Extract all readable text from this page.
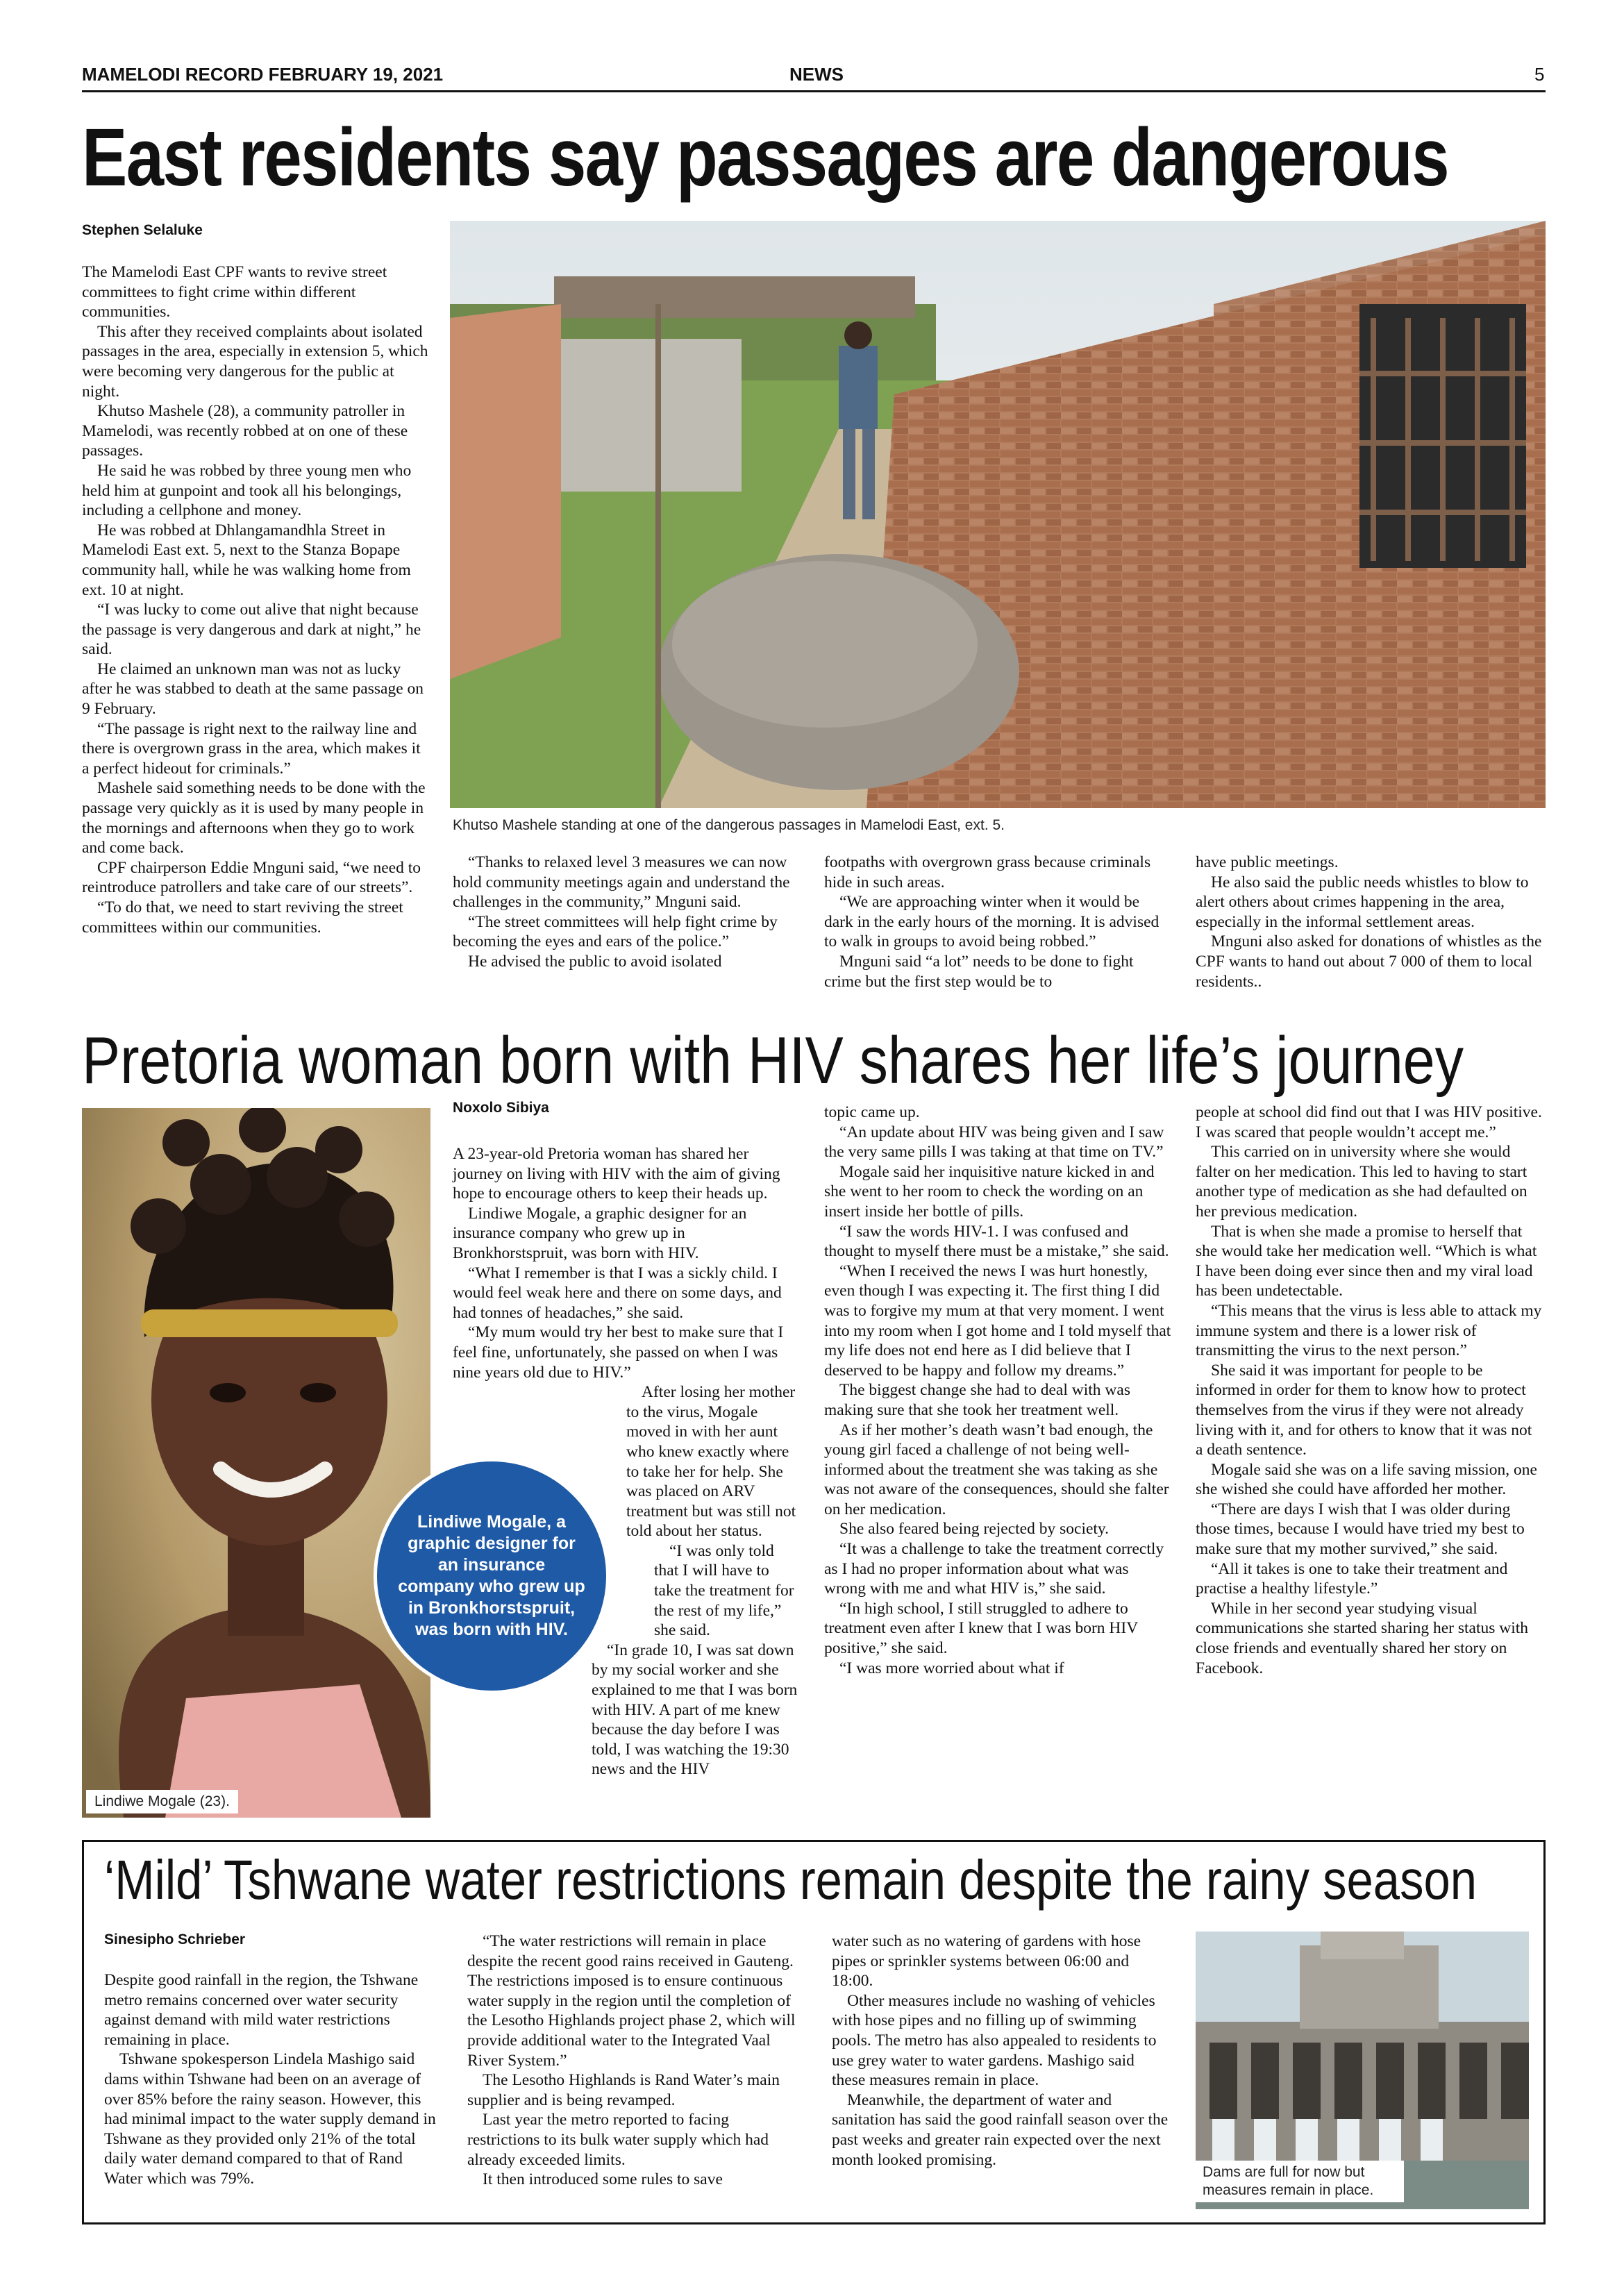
MAMELODI RECORD FEBRUARY 19, 2021	NEWS	5
East residents say passages are dangerous
Stephen Selaluke
Khutso Mashele standing at one of the dangerous passages in Mamelodi East, ext. 5.

The Mamelodi East CPF wants to revive street committees to fight crime within different communities.

This after they received complaints about isolated passages in the area, especially in extension 5, which were becoming very dangerous for the public at night.

Khutso Mashele (28), a community patroller in Mamelodi, was recently robbed at on one of these passages.

He said he was robbed by three young men who held him at gunpoint and took all his belongings, including a cellphone and money.

He was robbed at Dhlangamandhla Street in Mamelodi East ext. 5, next to the Stanza Bopape community hall, while he was walking home from ext. 10 at night.

“I was lucky to come out alive that night because the passage is very dangerous and dark at night,” he said.

He claimed an unknown man was not as lucky after he was stabbed to death at the same passage on 9 February.

“The passage is right next to the railway line and there is overgrown grass in the area, which makes it a perfect hideout for criminals.”

Mashele said something needs to be done with the passage very quickly as it is used by many people in the mornings and afternoons when they go to work and come back.

CPF chairperson Eddie Mnguni said, “we need to reintroduce patrollers and take care of our streets”.

“To do that, we need to start reviving the street committees within our communities.

“Thanks to relaxed level 3 measures we can now hold community meetings again and understand the challenges in the community,” Mnguni said.

“The street committees will help fight crime by becoming the eyes and ears of the police.”

He advised the public to avoid isolated

footpaths with overgrown grass because criminals hide in such areas.

“We are approaching winter when it would be dark in the early hours of the morning. It is advised to walk in groups to avoid being robbed.”

Mnguni said “a lot” needs to be done to fight crime but the first step would be to

have public meetings.

He also said the public needs whistles to blow to alert others about crimes happening in the area, especially in the informal settlement areas.

Mnguni also asked for donations of whistles as the CPF wants to hand out about 7 000 of them to local residents..

Pretoria woman born with HIV shares her life’s journey
Noxolo Sibiya
Lindiwe Mogale (23).
Lindiwe Mogale, a graphic designer for an insurance company who grew up in Bronkhorstspruit, was born with HIV.

A 23-year-old Pretoria woman has shared her journey on living with HIV with the aim of giving hope to encourage others to keep their heads up.

Lindiwe Mogale, a graphic designer for an insurance company who grew up in Bronkhorstspruit, was born with HIV.

“What I remember is that I was a sickly child. I would feel weak here and there on some days, and had tonnes of headaches,” she said.

“My mum would try her best to make sure that I feel fine, unfortunately, she passed on when I was nine years old due to HIV.”

After losing her mother to the virus, Mogale moved in with her aunt who knew exactly where to take her for help. She was placed on ARV treatment but was still not told about her status.

“I was only told that I will have to take the treatment for the rest of my life,” she said.

“In grade 10, I was sat down by my social worker and she explained to me that I was born with HIV. A part of me knew because the day before I was told, I was watching the 19:30 news and the HIV

topic came up.

“An update about HIV was being given and I saw the very same pills I was taking at that time on TV.”

Mogale said her inquisitive nature kicked in and she went to her room to check the wording on an insert inside her bottle of pills.

“I saw the words HIV-1. I was confused and thought to myself there must be a mistake,” she said.

“When I received the news I was hurt honestly, even though I was expecting it. The first thing I did was to forgive my mum at that very moment. I went into my room when I got home and I told myself that my life does not end here as I did believe that I deserved to be happy and follow my dreams.”

The biggest change she had to deal with was making sure that she took her treatment well.

As if her mother’s death wasn’t bad enough, the young girl faced a challenge of not being well-informed about the treatment she was taking as she was not aware of the consequences, should she falter on her medication.

She also feared being rejected by society.

“It was a challenge to take the treatment correctly as I had no proper information about what was wrong with me and what HIV is,” she said.

“In high school, I still struggled to adhere to treatment even after I knew that I was born HIV positive,” she said.

“I was more worried about what if

people at school did find out that I was HIV positive. I was scared that people wouldn’t accept me.”

This carried on in university where she would falter on her medication. This led to having to start another type of medication as she had defaulted on her previous medication.

That is when she made a promise to herself that she would take her medication well. “Which is what I have been doing ever since then and my viral load has been undetectable.

“This means that the virus is less able to attack my immune system and there is a lower risk of transmitting the virus to the next person.”

She said it was important for people to be informed in order for them to know how to protect themselves from the virus if they were not already living with it, and for others to know that it was not a death sentence.

Mogale said she was on a life saving mission, one she wished she could have afforded her mother.

“There are days I wish that I was older during those times, because I would have tried my best to make sure that my mother survived,” she said.

“All it takes is one to take their treatment and practise a healthy lifestyle.”

While in her second year studying visual communications she started sharing her status with close friends and eventually shared her story on Facebook.

‘Mild’ Tshwane water restrictions remain despite the rainy season
Sinesipho Schrieber

Despite good rainfall in the region, the Tshwane metro remains concerned over water security against demand with mild water restrictions remaining in place.

Tshwane spokesperson Lindela Mashigo said dams within Tshwane had been on an average of over 85% before the rainy season. However, this had minimal impact to the water supply demand in Tshwane as they provided only 21% of the total daily water demand compared to that of Rand Water which was 79%.

“The water restrictions will remain in place despite the recent good rains received in Gauteng. The restrictions imposed is to ensure continuous water supply in the region until the completion of the Lesotho Highlands project phase 2, which will provide additional water to the Integrated Vaal River System.”

The Lesotho Highlands is Rand Water’s main supplier and is being revamped.

Last year the metro reported to facing restrictions to its bulk water supply which had already exceeded limits.

It then introduced some rules to save

water such as no watering of gardens with hose pipes or sprinkler systems between 06:00 and 18:00.

Other measures include no washing of vehicles with hose pipes and no filling up of swimming pools. The metro has also appealed to residents to use grey water to water gardens. Mashigo said these measures remain in place.

Meanwhile, the department of water and sanitation has said the good rainfall season over the past weeks and greater rain expected over the next month looked promising.

Dams are full for now but measures remain in place.
